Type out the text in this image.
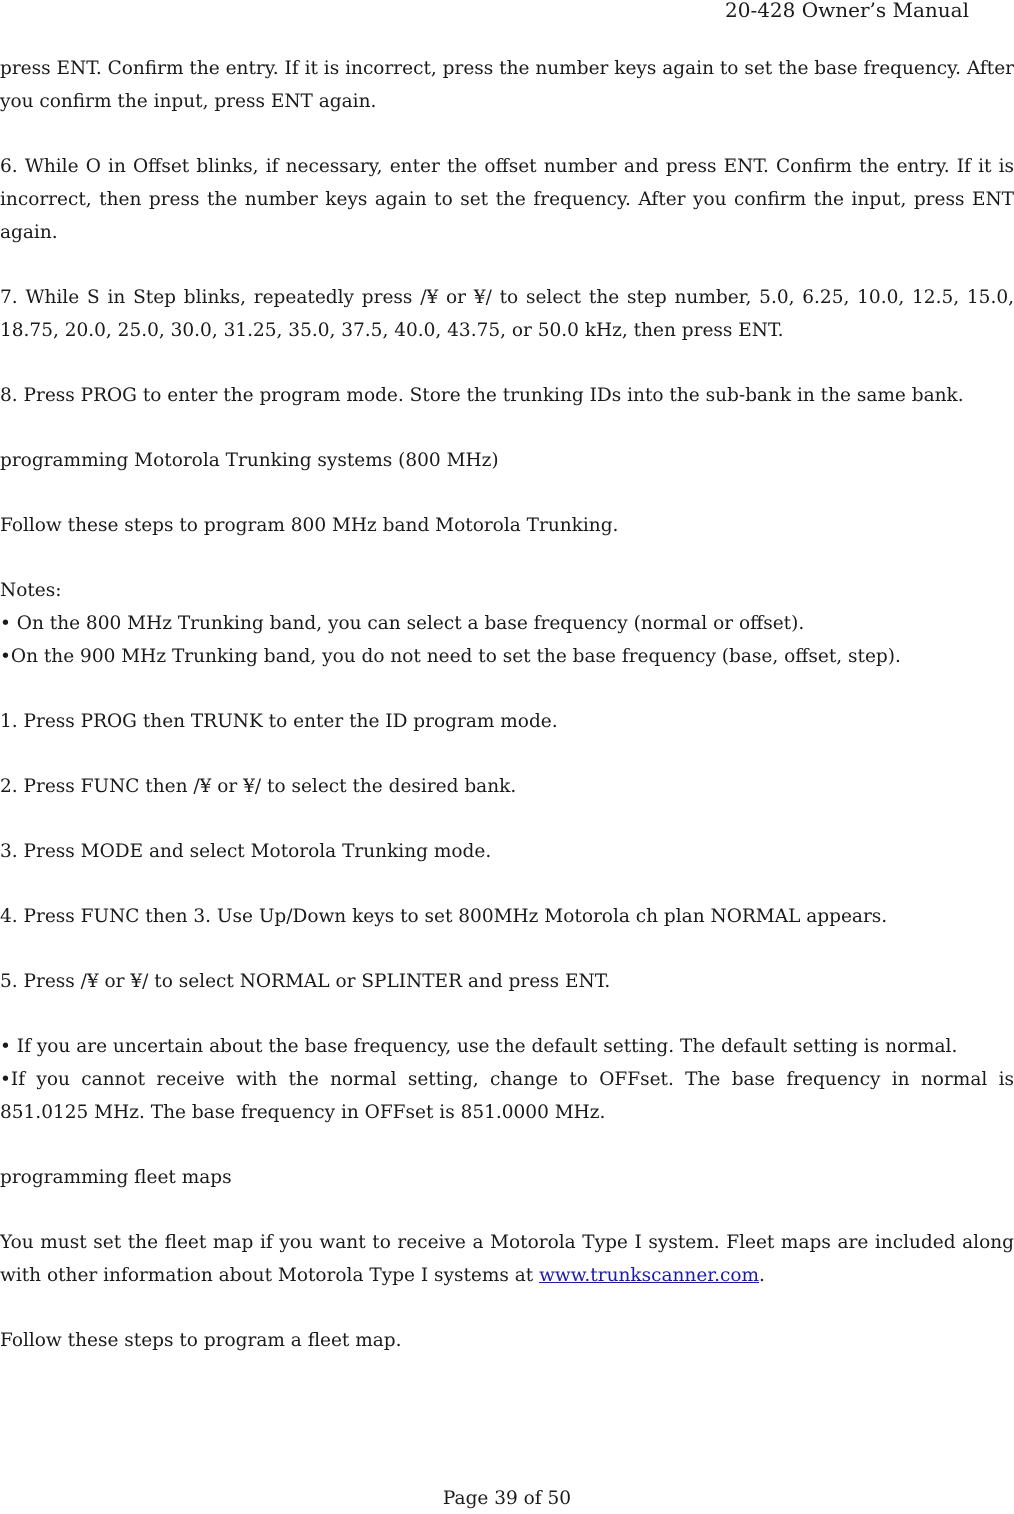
20-428 Owner’s Manual

press ENT. Confirm the entry. If it is incorrect, press the number keys again to set the base frequency. After you confirm the input, press ENT again.

6. While O in Offset blinks, if necessary, enter the offset number and press ENT. Confirm the entry. If it is incorrect, then press the number keys again to set the frequency. After you confirm the input, press ENT again.

7. While S in Step blinks, repeatedly press /¥ or ¥/ to select the step number, 5.0, 6.25, 10.0, 12.5, 15.0, 18.75, 20.0, 25.0, 30.0, 31.25, 35.0, 37.5, 40.0, 43.75, or 50.0 kHz, then press ENT.

8. Press PROG to enter the program mode. Store the trunking IDs into the sub-bank in the same bank.

programming Motorola Trunking systems (800 MHz)

Follow these steps to program 800 MHz band Motorola Trunking.

Notes:

• On the 800 MHz Trunking band, you can select a base frequency (normal or offset).

•On the 900 MHz Trunking band, you do not need to set the base frequency (base, offset, step).

1. Press PROG then TRUNK to enter the ID program mode.

2. Press FUNC then /¥ or ¥/ to select the desired bank.

3. Press MODE and select Motorola Trunking mode.

4. Press FUNC then 3. Use Up/Down keys to set 800MHz Motorola ch plan NORMAL appears.

5. Press /¥ or ¥/ to select NORMAL or SPLINTER and press ENT.

• If you are uncertain about the base frequency, use the default setting. The default setting is normal.

•If you cannot receive with the normal setting, change to OFFset. The base frequency in normal is 851.0125 MHz. The base frequency in OFFset is 851.0000 MHz.

programming fleet maps

You must set the fleet map if you want to receive a Motorola Type I system. Fleet maps are included along with other information about Motorola Type I systems at www.trunkscanner.com.

Follow these steps to program a fleet map.

Page 39 of 50
